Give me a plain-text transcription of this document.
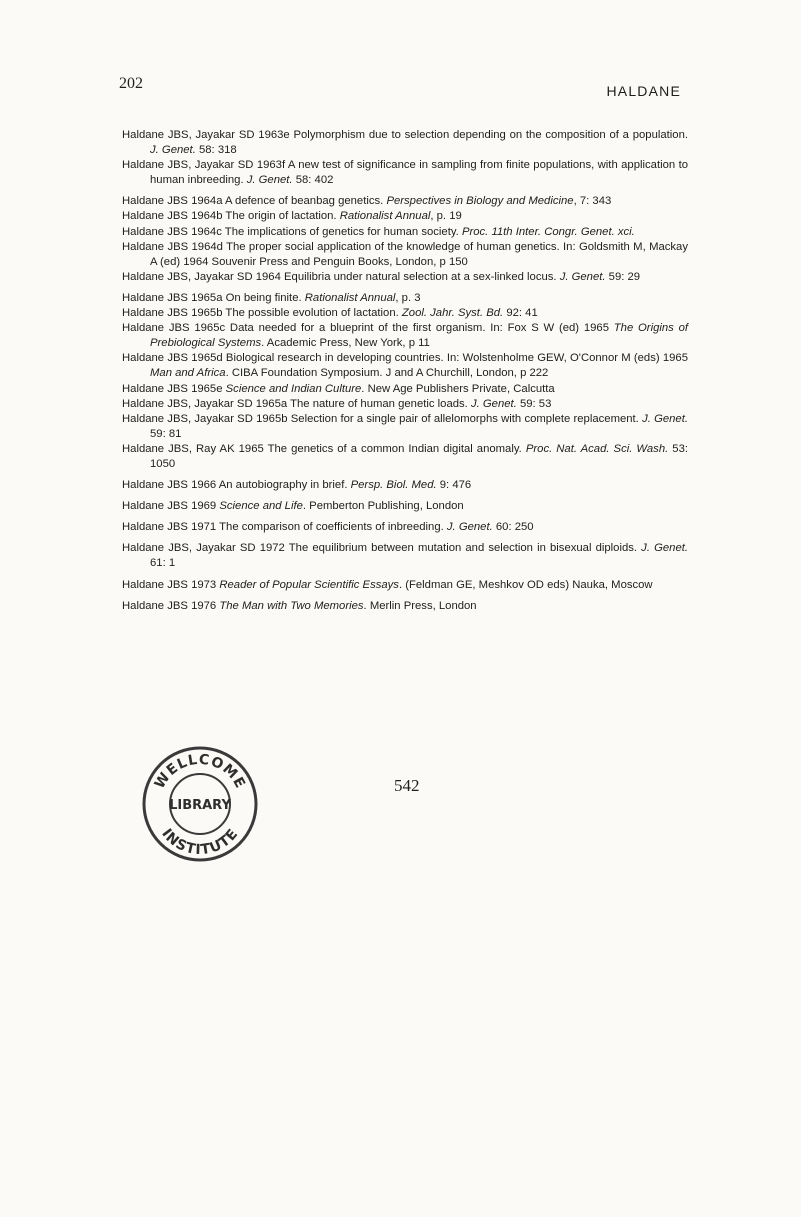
202	HALDANE

Haldane JBS, Jayakar SD 1963e Polymorphism due to selection depending on the composition of a population. J. Genet. 58: 318

Haldane JBS, Jayakar SD 1963f A new test of significance in sampling from finite populations, with application to human inbreeding. J. Genet. 58: 402

Haldane JBS 1964a A defence of beanbag genetics. Perspectives in Biology and Medicine, 7: 343

Haldane JBS 1964b The origin of lactation. Rationalist Annual, p. 19

Haldane JBS 1964c The implications of genetics for human society. Proc. 11th Inter. Congr. Genet. xci.

Haldane JBS 1964d The proper social application of the knowledge of human genetics. In: Goldsmith M, Mackay A (ed) 1964 Souvenir Press and Penguin Books, London, p 150

Haldane JBS, Jayakar SD 1964 Equilibria under natural selection at a sex-linked locus. J. Genet. 59: 29

Haldane JBS 1965a On being finite. Rationalist Annual, p. 3

Haldane JBS 1965b The possible evolution of lactation. Zool. Jahr. Syst. Bd. 92: 41

Haldane JBS 1965c Data needed for a blueprint of the first organism. In: Fox S W (ed) 1965 The Origins of Prebiological Systems. Academic Press, New York, p 11

Haldane JBS 1965d Biological research in developing countries. In: Wolstenholme GEW, O'Connor M (eds) 1965 Man and Africa. CIBA Foundation Symposium. J and A Churchill, London, p 222

Haldane JBS 1965e Science and Indian Culture. New Age Publishers Private, Calcutta

Haldane JBS, Jayakar SD 1965a The nature of human genetic loads. J. Genet. 59: 53

Haldane JBS, Jayakar SD 1965b Selection for a single pair of allelomorphs with complete replacement. J. Genet. 59: 81

Haldane JBS, Ray AK 1965 The genetics of a common Indian digital anomaly. Proc. Nat. Acad. Sci. Wash. 53: 1050

Haldane JBS 1966 An autobiography in brief. Persp. Biol. Med. 9: 476

Haldane JBS 1969 Science and Life. Pemberton Publishing, London

Haldane JBS 1971 The comparison of coefficients of inbreeding. J. Genet. 60: 250

Haldane JBS, Jayakar SD 1972 The equilibrium between mutation and selection in bisexual diploids. J. Genet. 61: 1

Haldane JBS 1973 Reader of Popular Scientific Essays. (Feldman GE, Meshkov OD eds) Nauka, Moscow

Haldane JBS 1976 The Man with Two Memories. Merlin Press, London

WELLCOME
LIBRARY
INSTITUTE
542
